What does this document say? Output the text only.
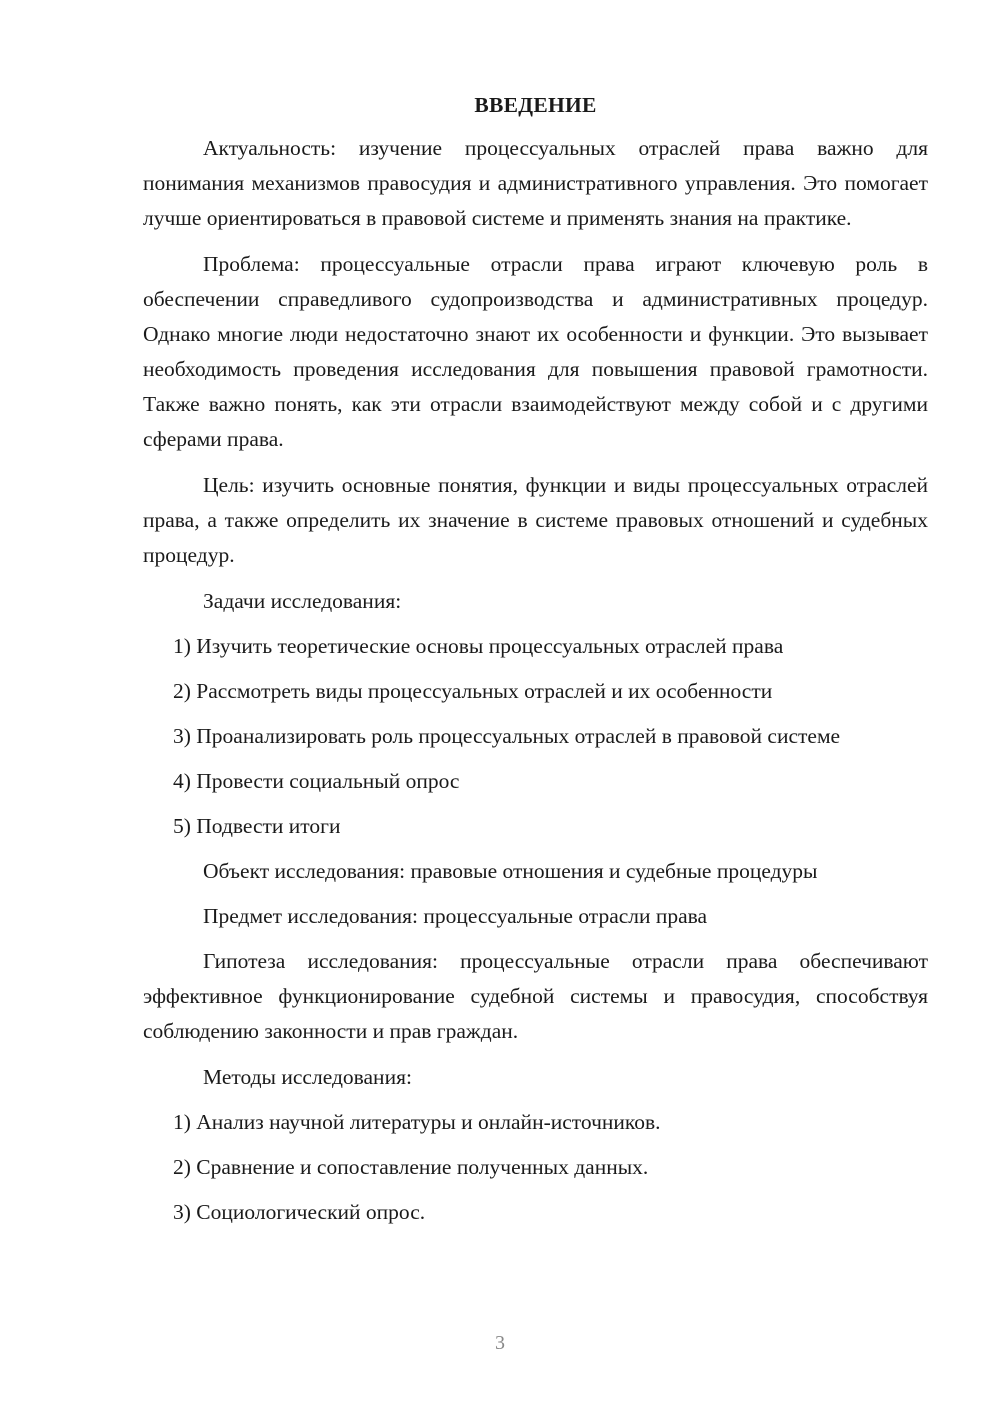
ВВЕДЕНИЕ

Актуальность: изучение процессуальных отраслей права важно для понимания механизмов правосудия и административного управления. Это помогает лучше ориентироваться в правовой системе и применять знания на практике.

Проблема: процессуальные отрасли права играют ключевую роль в обеспечении справедливого судопроизводства и административных процедур. Однако многие люди недостаточно знают их особенности и функции. Это вызывает необходимость проведения исследования для повышения правовой грамотности. Также важно понять, как эти отрасли взаимодействуют между собой и с другими сферами права.

Цель: изучить основные понятия, функции и виды процессуальных отраслей права, а также определить их значение в системе правовых отношений и судебных процедур.

Задачи исследования:

1) Изучить теоретические основы процессуальных отраслей права

2) Рассмотреть виды процессуальных отраслей и их особенности

3) Проанализировать роль процессуальных отраслей в правовой системе

4) Провести социальный опрос

5) Подвести итоги

Объект исследования: правовые отношения и судебные процедуры

Предмет исследования: процессуальные отрасли права

Гипотеза исследования: процессуальные отрасли права обеспечивают эффективное функционирование судебной системы и правосудия, способствуя соблюдению законности и прав граждан.

Методы исследования:

1) Анализ научной литературы и онлайн-источников.

2) Сравнение и сопоставление полученных данных.

3) Социологический опрос.

3
